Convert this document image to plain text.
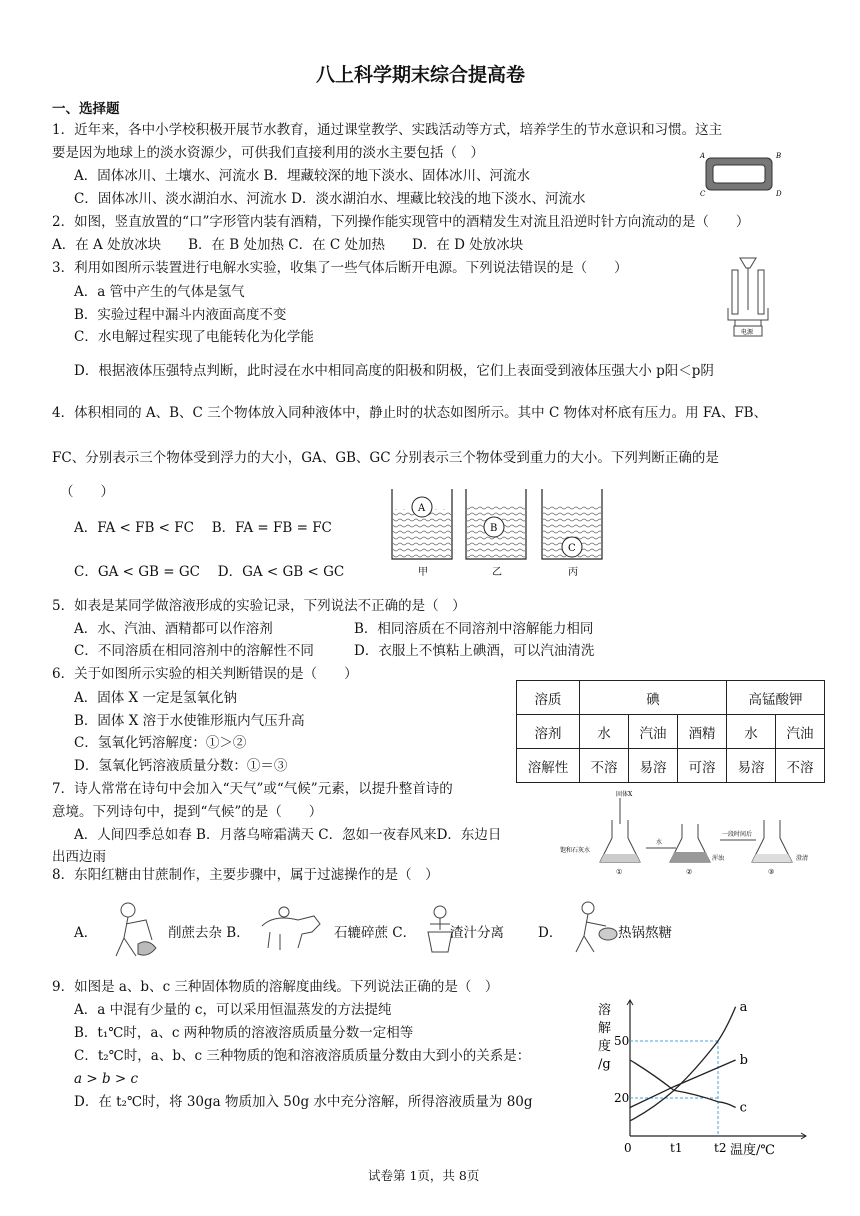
八上科学期末综合提高卷
一、选择题
1．近年来，各中小学校积极开展节水教育，通过课堂教学、实践活动等方式，培养学生的节水意识和习惯。这主
要是因为地球上的淡水资源少，可供我们直接利用的淡水主要包括（　）
A．固体冰川、土壤水、河流水 B．埋藏较深的地下淡水、固体冰川、河流水
C．固体冰川、淡水湖泊水、河流水 D．淡水湖泊水、埋藏比较浅的地下淡水、河流水
A	B
C	D
2．如图，竖直放置的“口”字形管内装有酒精，下列操作能实现管中的酒精发生对流且沿逆时针方向流动的是（　　）
A．在 A 处放冰块　　B．在 B 处加热 C．在 C 处加热　　D．在 D 处放冰块
3．利用如图所示装置进行电解水实验，收集了一些气体后断开电源。下列说法错误的是（　　）
A．a 管中产生的气体是氢气
B．实验过程中漏斗内液面高度不变
C．水电解过程实现了电能转化为化学能
D．根据液体压强特点判断，此时浸在水中相同高度的阳极和阴极，它们上表面受到液体压强大小 p阳＜p阴
电源
4．体积相同的 A、B、C 三个物体放入同种液体中，静止时的状态如图所示。其中 C 物体对杯底有压力。用 FA、FB、
FC、分别表示三个物体受到浮力的大小，GA、GB、GC 分别表示三个物体受到重力的大小。下列判断正确的是
（　　）
A．FA < FB < FC　 B．FA = FB = FC
C．GA < GB = GC　 D．GA < GB < GC
A
甲
B
乙
C
丙
5．如表是某同学做溶液形成的实验记录，下列说法不正确的是（　）
A．水、汽油、酒精都可以作溶剂	B．相同溶质在不同溶剂中溶解能力相同
C．不同溶质在相同溶剂中的溶解性不同	D．衣服上不慎粘上碘酒，可以汽油清洗
6．关于如图所示实验的相关判断错误的是（　　）
A．固体 X 一定是氢氧化钠
B．固体 X 溶于水使锥形瓶内气压升高
C．氢氧化钙溶解度：①＞②
D．氢氧化钙溶液质量分数：①＝③
溶质	碘			高锰酸钾	
溶剂	水	汽油	酒精	水	汽油
溶解性	不溶	易溶	可溶	易溶	不溶
7．诗人常常在诗句中会加入“天气”或“气候”元素，以提升整首诗的
意境。下列诗句中，提到“气候”的是（　　）
A．人间四季总如春 B．月落乌啼霜满天 C．忽如一夜春风来D．东边日
出西边雨
固体X
①
饱和石灰水
水
②
浑浊
一段时间后
③
澄清
8．东阳红糖由甘蔗制作，主要步骤中，属于过滤操作的是（　）
A．	削蔗去杂 B．	石辘碎蔗 C．	渣汁分离	D．	热锅熬糖
9．如图是 a、b、c 三种固体物质的溶解度曲线。下列说法正确的是（　）
A．a 中混有少量的 c，可以采用恒温蒸发的方法提纯
B．t₁℃时，a、c 两种物质的溶液溶质质量分数一定相等
C．t₂℃时，a、b、c 三种物质的饱和溶液溶质质量分数由大到小的关系是：
a > b > c
D．在 t₂℃时，将 30ga 物质加入 50g 水中充分溶解，所得溶液质量为 80g
溶
解
度
/g
温度/℃
20
50
0	t1	t2
a
b
c
试卷第 1页，共 8页
